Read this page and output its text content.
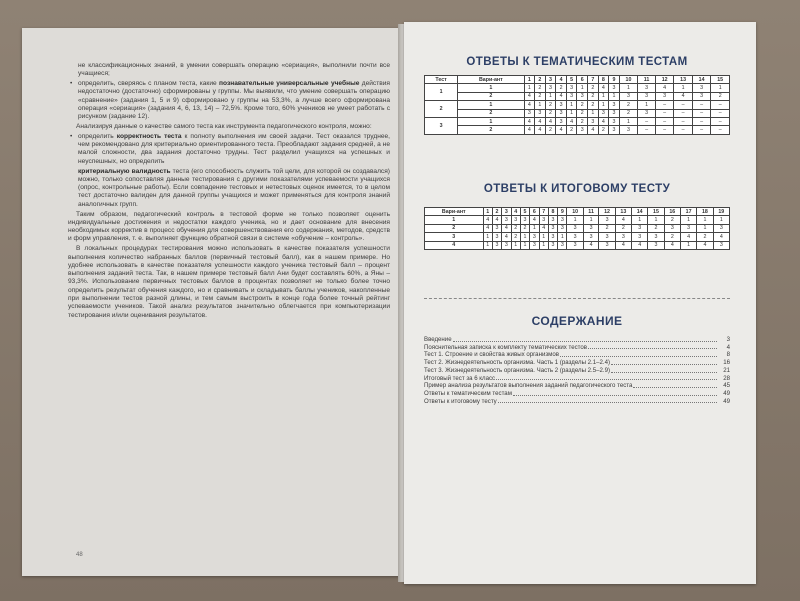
не классификационных знаний, в умении совершать операцию «сериация», выполнили почти все учащиеся;

• определить, сверяясь с планом теста, какие познавательные универсальные учебные действия недостаточно (достаточно) сформированы у группы. Мы выявили, что умение совершать операцию «сравнение» (задания 1, 5 и 9) сформировано у группы на 53,3%, а лучше всего сформирована операция «сериация» (задания 4, 6, 13, 14) – 72,5%. Кроме того, 60% учеников не умеет работать с рисунком (задание 12).

Анализируя данные о качестве самого теста как инструмента педагогического контроля, можно:

• определить корректность теста к полноту выполнения им своей задачи. Тест оказался труднее, чем рекомендовано для критериально ориентированного теста. Преобладают задания средней, а не малой сложности, два задания достаточно трудны. Тест разделил учащихся на успешных и неуспешных, но определить

критериальную валидность теста (его способность служить той цели, для которой он создавался) можно, только сопоставляя данные тестирования с другими показателями успеваемости учащихся (опрос, контрольные работы). Если совпадение тестовых и нетестовых оценок имеется, то в целом тест достаточно валиден для данной группы учащихся и может применяться для контроля знаний аналогичных групп.

Таким образом, педагогический контроль в тестовой форме не только позволяет оценить индивидуальные достижения и недостатки каждого ученика, но и дает основание для внесения необходимых корректив в процесс обучения для совершенствования его содержания, методов, средств и форм управления, т. е. выполняет функцию обратной связи в системе «обучение – контроль».

В локальных процедурах тестирования можно использовать в качестве показателя успешности выполнения количество набранных баллов (первичный тестовый балл), как в нашем примере. Но удобнее использовать в качестве показателя успешности каждого ученика тестовый балл – процент выполнения заданий теста. Так, в нашем примере тестовый балл Ани будет составлять 60%, а Яны – 93,3%. Использование первичных тестовых баллов в процентах позволяет не только более точно определить результат обучения каждого, но и сравнивать и складывать баллы учеников, накопленные при выполнении тестов разной длины, и тем самым выстроить в конце года более точный рейтинг успеваемости учеников. Такой анализ результатов значительно облегчается при компьютеризации тестирования и/или оценивания результатов.

48
ОТВЕТЫ К ТЕМАТИЧЕСКИМ ТЕСТАМ
Тест	Вари-ант	1	2	3	4	5	6	7	8	9	10	11	12	13	14	15
1	1	1	2	3	2	3	1	2	4	3	1	3	4	1	3	1
	2	4	2	1	4	3	3	2	1	1	3	3	3	4	3	2
2	1	4	1	2	3	1	2	2	1	3	2	1	–	–	–	–
	2	3	3	2	3	1	2	1	3	3	2	3	–	–	–	–
3	1	4	4	4	3	4	2	3	4	3	1	–	–	–	–	–
	2	4	4	2	4	2	3	4	2	3	3	–	–	–	–	–
ОТВЕТЫ К ИТОГОВОМУ ТЕСТУ
Вари-ант	1	2	3	4	5	6	7	8	9	10	11	12	13	14	15	16	17	18	19
1	4	4	3	3	3	4	3	3	3	1	1	3	4	1	1	2	1	1	1
2	4	3	4	2	2	1	4	3	3	3	3	2	2	3	2	3	3	1	3
3	1	3	4	2	1	3	1	3	1	3	3	3	3	3	3	2	4	2	4
4	1	3	3	1	1	3	1	3	3	3	4	3	4	4	3	4	1	4	3
СОДЕРЖАНИЕ
Введение	3
Пояснительная записка к комплекту тематических тестов	4
Тест 1. Строение и свойства живых организмов	8
Тест 2. Жизнедеятельность организма. Часть 1 (разделы 2.1–2.4)	16
Тест 3. Жизнедеятельность организма. Часть 2 (разделы 2.5–2.9)	21
Итоговый тест за 6 класс	28
Пример анализа результатов выполнения заданий педагогического теста	45
Ответы к тематическим тестам	49
Ответы к итоговому тесту	49
